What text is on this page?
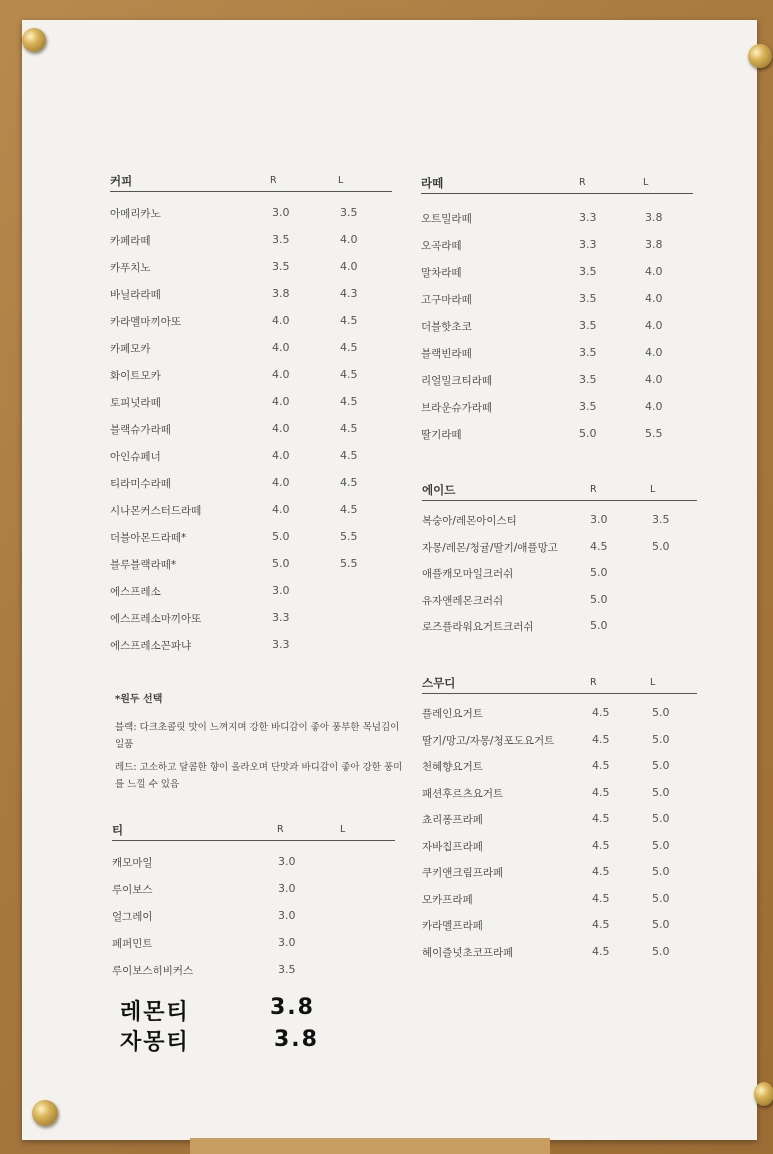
커피	R	L
아메리카노	3.0	3.5
카페라떼	3.5	4.0
카푸치노	3.5	4.0
바닐라라떼	3.8	4.3
카라멜마끼아또	4.0	4.5
카페모카	4.0	4.5
화이트모카	4.0	4.5
토피넛라떼	4.0	4.5
블랙슈가라떼	4.0	4.5
아인슈페너	4.0	4.5
티라미수라떼	4.0	4.5
시나몬커스터드라떼	4.0	4.5
더블아몬드라떼*	5.0	5.5
블루블랙라떼*	5.0	5.5
에스프레소	3.0
에스프레소마끼아또	3.3
에스프레소꼰파냐	3.3
라떼	R	L
오트밀라떼	3.3	3.8
오곡라떼	3.3	3.8
말차라떼	3.5	4.0
고구마라떼	3.5	4.0
더블핫초코	3.5	4.0
블랙빈라떼	3.5	4.0
리얼밀크티라떼	3.5	4.0
브라운슈가라떼	3.5	4.0
딸기라떼	5.0	5.5
에이드	R	L
복숭아/레몬아이스티	3.0	3.5
자몽/레몬/청귤/딸기/애플망고	4.5	5.0
애플캐모마일크러쉬	5.0
유자앤레몬크러쉬	5.0
로즈플라워요거트크러쉬	5.0
스무디	R	L
플레인요거트	4.5	5.0
딸기/망고/자몽/청포도요거트	4.5	5.0
천혜향요거트	4.5	5.0
패션후르츠요거트	4.5	5.0
쵸리퐁프라페	4.5	5.0
자바칩프라페	4.5	5.0
쿠키앤크림프라페	4.5	5.0
모카프라페	4.5	5.0
카라멜프라페	4.5	5.0
헤이즐넛초코프라페	4.5	5.0
*원두 선택
블랙: 다크초콜릿 맛이 느껴지며 강한 바디감이 좋아 풍부한 목넘김이 일품
레드: 고소하고 달콤한 향이 올라오며 단맛과 바디감이 좋아 강한 풍미를 느낄 수 있음
티	R	L
캐모마일	3.0
루이보스	3.0
얼그레이	3.0
페퍼민트	3.0
루이보스히비커스	3.5
레몬티	3.8
자몽티	3.8
